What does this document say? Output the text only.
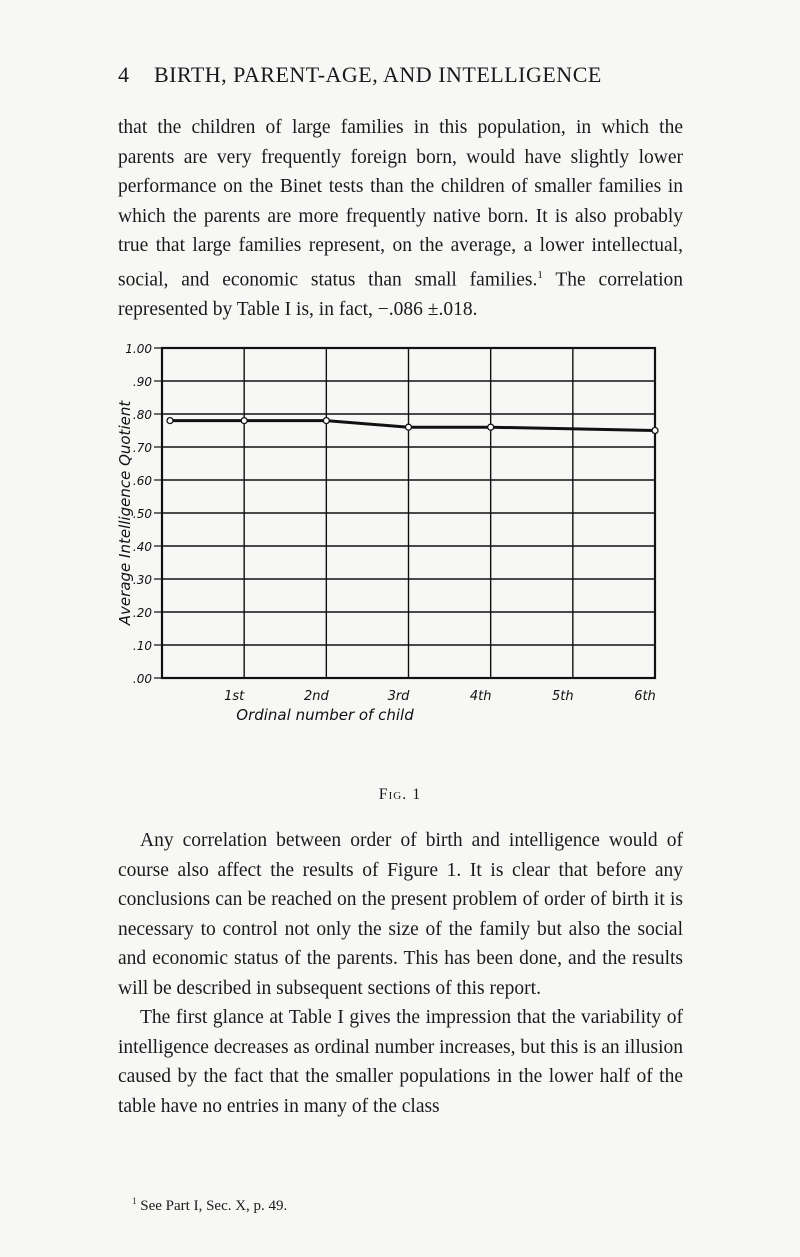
4 BIRTH, PARENT-AGE, AND INTELLIGENCE

that the children of large families in this population, in which the parents are very frequently foreign born, would have slightly lower performance on the Binet tests than the children of smaller families in which the parents are more frequently native born. It is also probably true that large families represent, on the average, a lower intellectual, social, and economic status than small families.$^1$ The correlation represented by Table I is, in fact, −.086 ±.018.

.00
.10
.20
.30
.40
.50
.60
.70
.80
.90
1.00
1st	2nd	3rd	4th	5th	6th
Ordinal number of child
Average Intelligence Quotient
Fig. 1
Any correlation between order of birth and intelligence would of course also affect the results of Figure 1. It is clear that before any conclusions can be reached on the present problem of order of birth it is necessary to control not only the size of the family but also the social and economic status of the parents. This has been done, and the results will be described in subsequent sections of this report.
The first glance at Table I gives the impression that the variability of intelligence decreases as ordinal number increases, but this is an illusion caused by the fact that the smaller populations in the lower half of the table have no entries in many of the class
$^1$ See Part I, Sec. X, p. 49.
